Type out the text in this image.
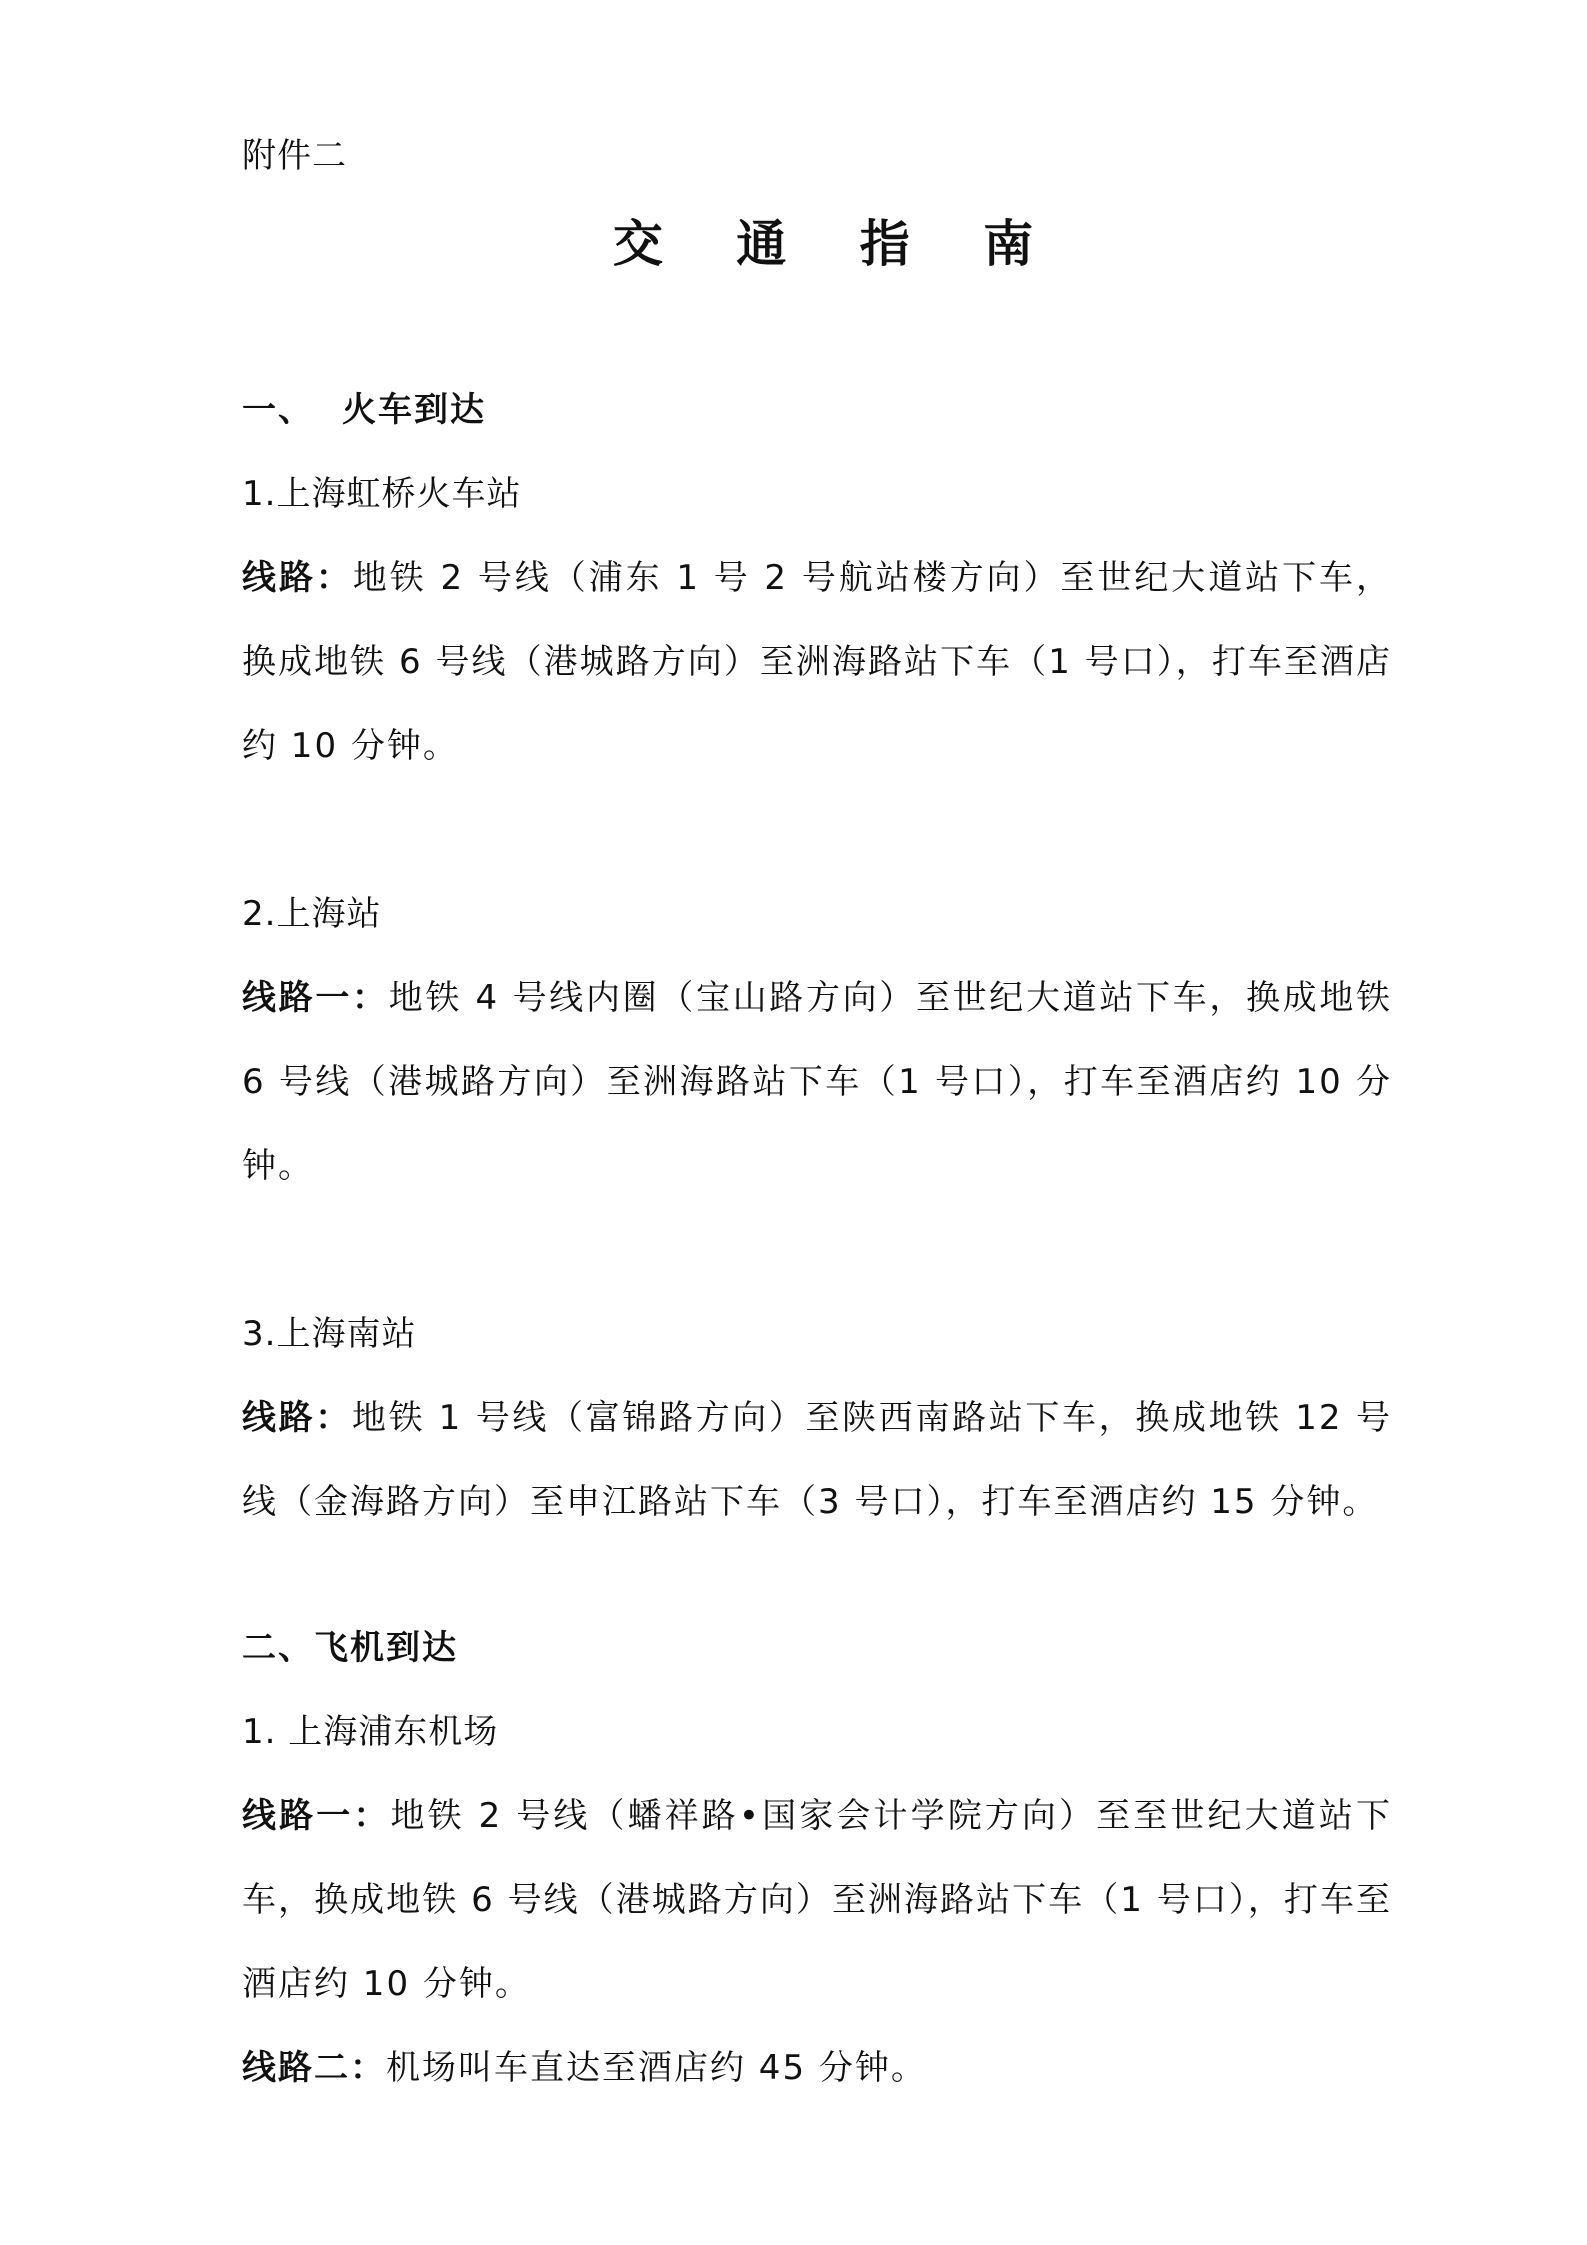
附件二

交 通 指 南
一、 火车到达

1.上海虹桥火车站

线路：地铁 2 号线（浦东 1 号 2 号航站楼方向）至世纪大道站下车，换成地铁 6 号线（港城路方向）至洲海路站下车（1 号口），打车至酒店约 10 分钟。

2.上海站

线路一：地铁 4 号线内圈（宝山路方向）至世纪大道站下车，换成地铁 6 号线（港城路方向）至洲海路站下车（1 号口），打车至酒店约 10 分钟。

3.上海南站

线路：地铁 1 号线（富锦路方向）至陕西南路站下车，换成地铁 12 号线（金海路方向）至申江路站下车（3 号口），打车至酒店约 15 分钟。

二、飞机到达

1. 上海浦东机场

线路一：地铁 2 号线（蟠祥路•国家会计学院方向）至至世纪大道站下车，换成地铁 6 号线（港城路方向）至洲海路站下车（1 号口），打车至酒店约 10 分钟。

线路二：机场叫车直达至酒店约 45 分钟。
